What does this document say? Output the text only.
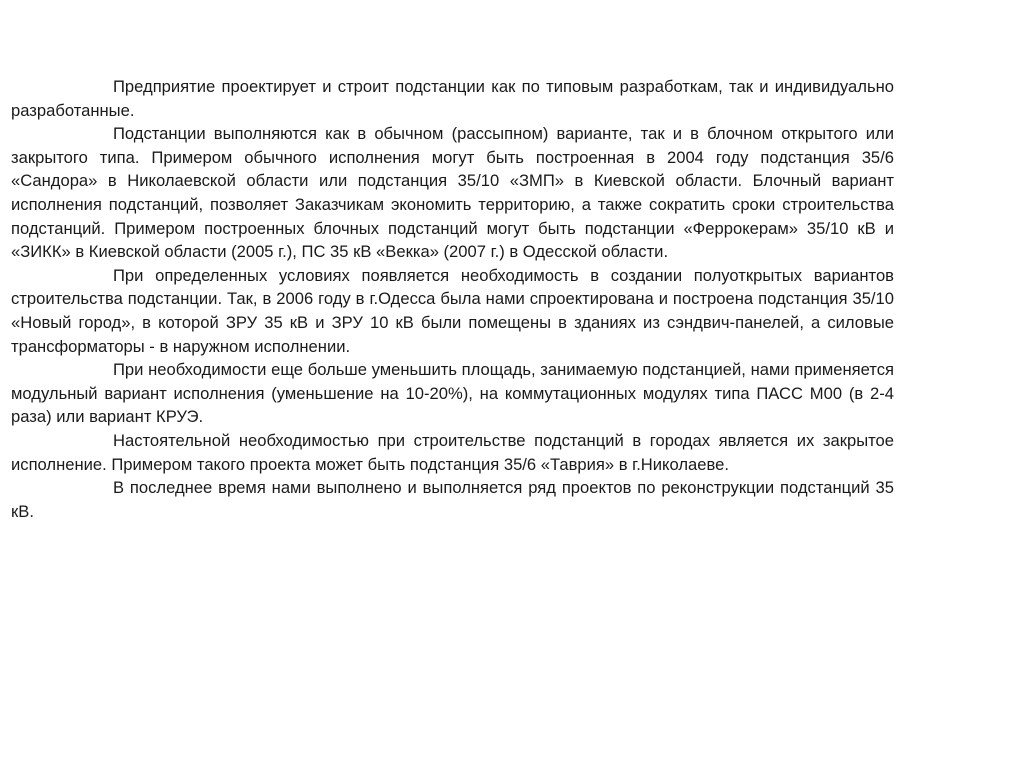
Предприятие проектирует и строит подстанции как по типовым разработкам, так и индивидуально разработанные.

Подстанции выполняются как в обычном (рассыпном) варианте, так и в блочном открытого или закрытого типа. Примером обычного исполнения могут быть построенная в 2004 году подстанция 35/6 «Сандора» в Николаевской области или подстанция 35/10 «ЗМП» в Киевской области. Блочный вариант исполнения подстанций, позволяет Заказчикам экономить территорию, а также сократить сроки строительства подстанций. Примером построенных блочных подстанций могут быть подстанции «Феррокерам» 35/10 кВ и «ЗИКК» в Киевской области (2005 г.), ПС 35 кВ «Векка» (2007 г.) в Одесской области.

При определенных условиях появляется необходимость в создании полуоткрытых вариантов строительства подстанции. Так, в 2006 году в г.Одесса была нами спроектирована и построена подстанция 35/10 «Новый город», в которой ЗРУ 35 кВ и ЗРУ 10 кВ были помещены в зданиях из сэндвич-панелей, а силовые трансформаторы - в наружном исполнении.

При необходимости еще больше уменьшить площадь, занимаемую подстанцией, нами применяется модульный вариант исполнения (уменьшение на 10-20%), на коммутационных модулях типа ПАСС М00 (в 2-4 раза) или вариант КРУЭ.

Настоятельной необходимостью при строительстве подстанций в городах является их закрытое исполнение. Примером такого проекта может быть подстанция 35/6 «Таврия» в г.Николаеве.

В последнее время нами выполнено и выполняется ряд проектов по реконструкции подстанций 35 кВ.
